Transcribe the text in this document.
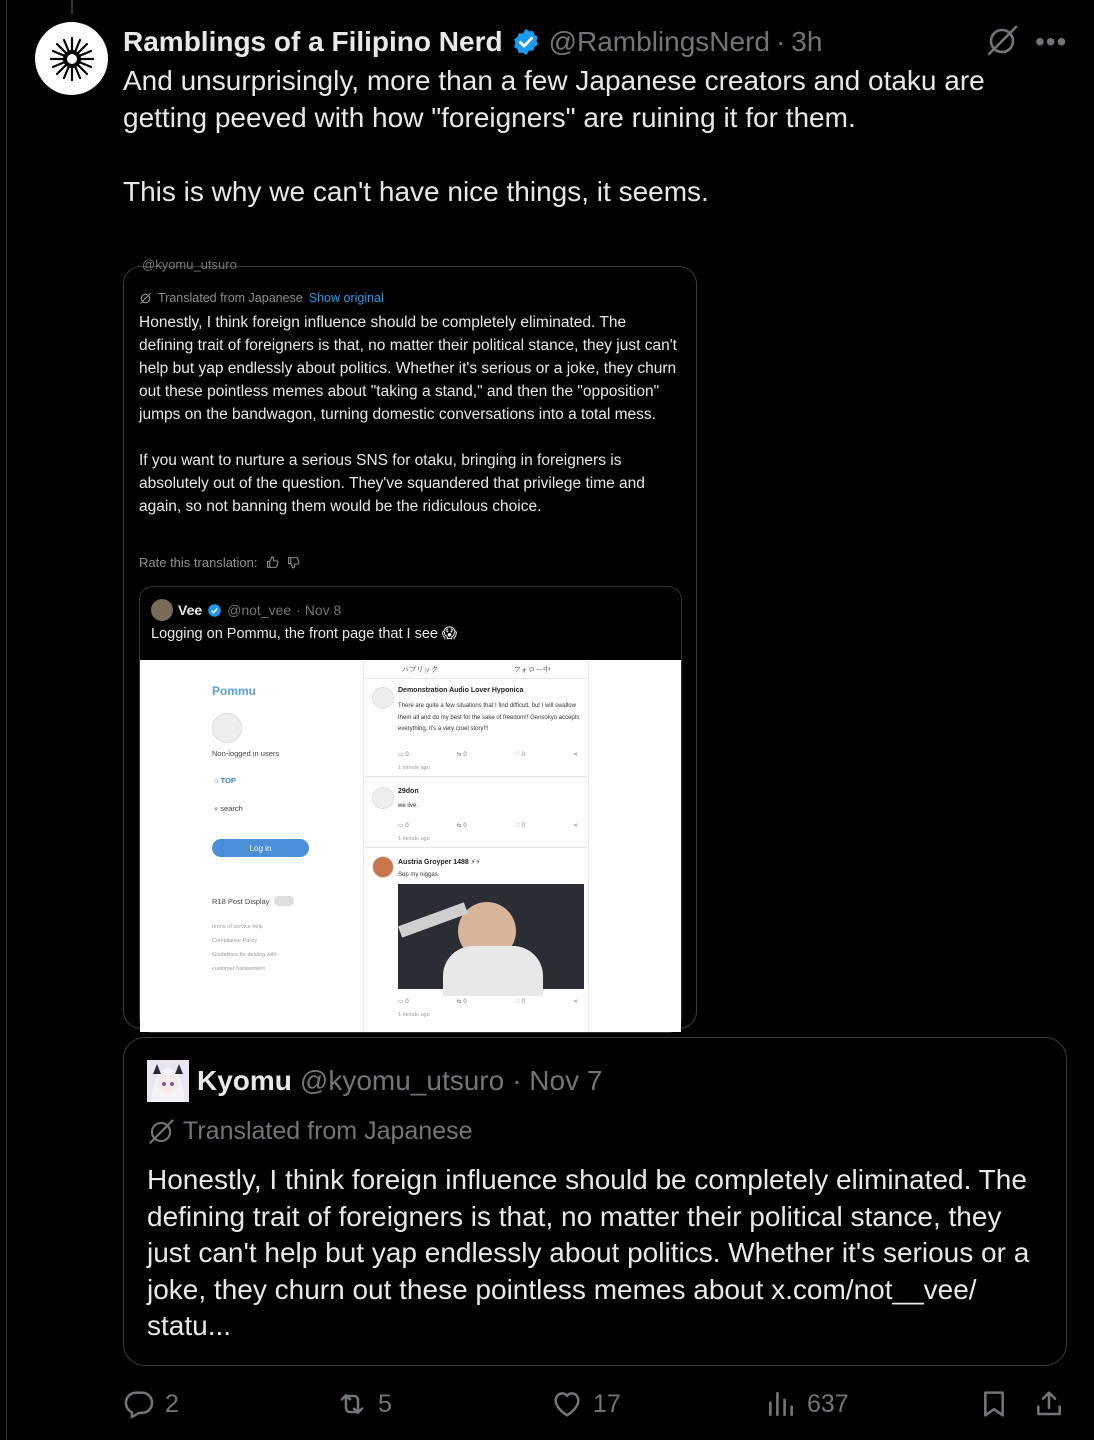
Ramblings of a Filipino Nerd @RamblingsNerd · 3h	•••

And unsurprisingly, more than a few Japanese creators and otaku are getting peeved with how "foreigners" are ruining it for them.

This is why we can't have nice things, it seems.

@kyomu_utsuro
Translated from Japanese Show original

Honestly, I think foreign influence should be completely eliminated. The defining trait of foreigners is that, no matter their political stance, they just can't help but yap endlessly about politics. Whether it's serious or a joke, they churn out these pointless memes about "taking a stand," and then the "opposition" jumps on the bandwagon, turning domestic conversations into a total mess.

If you want to nurture a serious SNS for otaku, bringing in foreigners is absolutely out of the question. They've squandered that privilege time and again, so not banning them would be the ridiculous choice.

Rate this translation:
Vee @not_vee · Nov 8
Logging on Pommu, the front page that I see 😱
Pommu
Non-logged in users
⌂ TOP
⌕ search
Log in
R18 Post Display
terms of service help
Compliance Policy
Guidelines for dealing with
customer harassment
パブリック	フォロー中
Demonstration Audio Lover Hyponica
There are quite a few situations that I find difficult, but I will swallow them all and do my best for the sake of freedom!! Gensokyo accepts everything, it's a very cruel story!!!
▭ 0	⇆ 0	♡ 0	⋖
1 minute ago
29don
we live.
▭ 0	⇆ 0	♡ 0	⋖
1 minute ago
Austria Groyper 1488 ⚡⚡
Sup my niggas
▭ 0	⇆ 0	♡ 0	⋖
1 minute ago
Kyomu @kyomu_utsuro · Nov 7
Translated from Japanese
Honestly, I think foreign influence should be completely eliminated. The defining trait of foreigners is that, no matter their political stance, they just can't help but yap endlessly about politics. Whether it's serious or a joke, they churn out these pointless memes about x.com/not__vee/ statu...
2	5	17	637
